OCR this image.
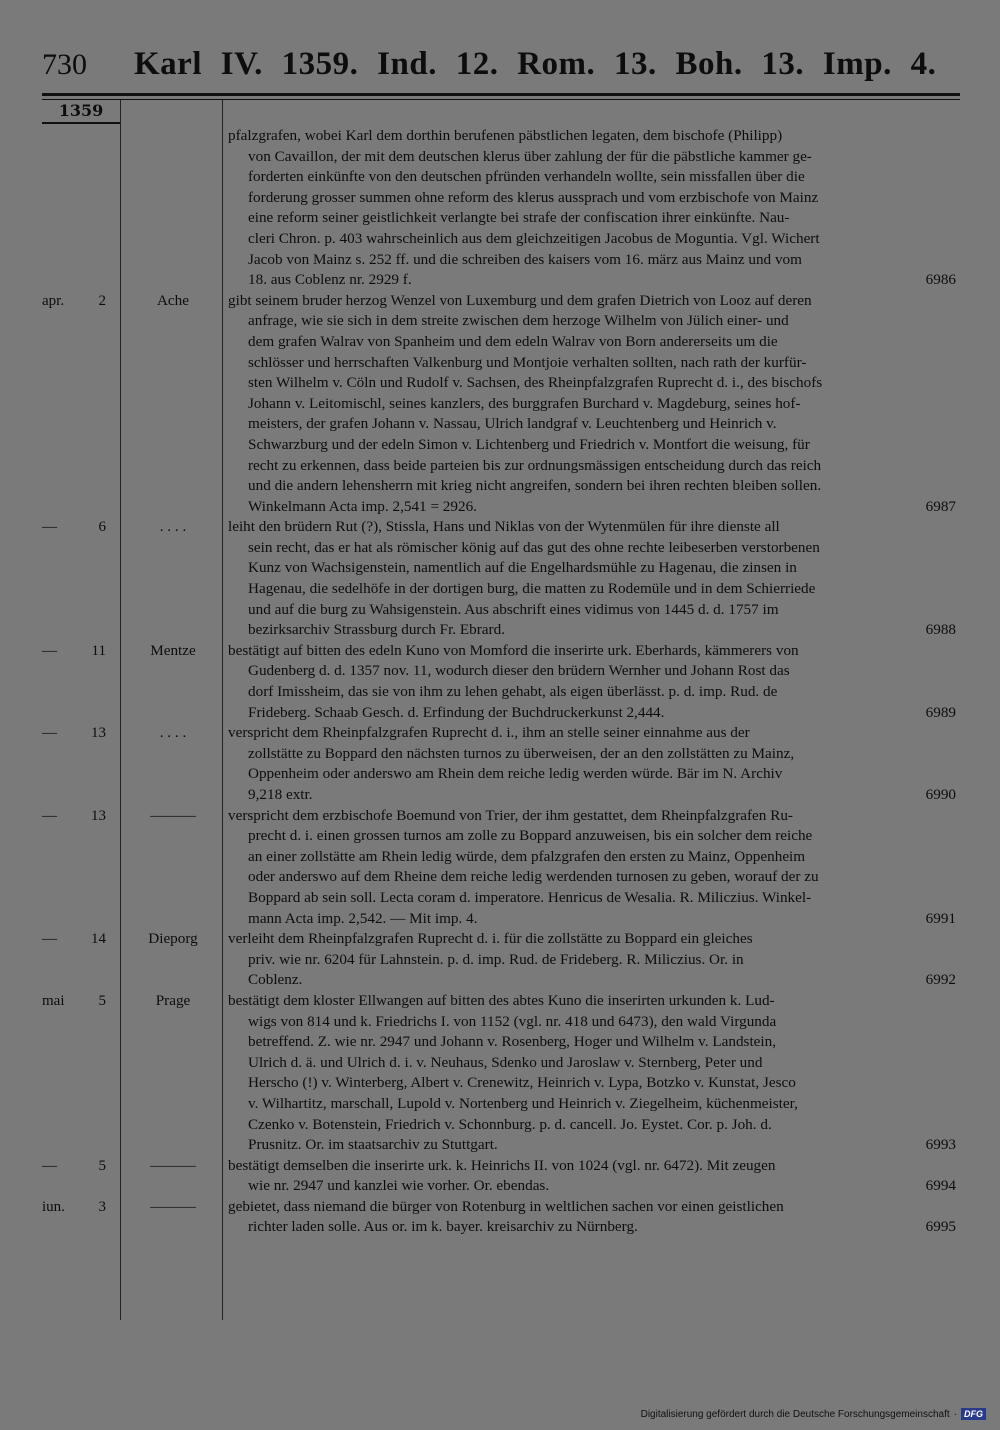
730 Karl IV. 1359. Ind. 12. Rom. 13. Boh. 13. Imp. 4.
1359
pfalzgrafen, wobei Karl dem dorthin berufenen päbstlichen legaten, dem bischofe (Philipp)
von Cavaillon, der mit dem deutschen klerus über zahlung der für die päbstliche kammer ge-
forderten einkünfte von den deutschen pfründen verhandeln wollte, sein missfallen über die
forderung grosser summen ohne reform des klerus aussprach und vom erzbischofe von Mainz
eine reform seiner geistlichkeit verlangte bei strafe der confiscation ihrer einkünfte. Nau-
cleri Chron. p. 403 wahrscheinlich aus dem gleichzeitigen Jacobus de Moguntia. Vgl. Wichert
Jacob von Mainz s. 252 ff. und die schreiben des kaisers vom 16. märz aus Mainz und vom
18. aus Coblenz nr. 2929 f.	6986
apr. 2	Ache	gibt seinem bruder herzog Wenzel von Luxemburg und dem grafen Dietrich von Looz auf deren
anfrage, wie sie sich in dem streite zwischen dem herzoge Wilhelm von Jülich einer- und
dem grafen Walrav von Spanheim und dem edeln Walrav von Born andererseits um die
schlösser und herrschaften Valkenburg und Montjoie verhalten sollten, nach rath der kurfür-
sten Wilhelm v. Cöln und Rudolf v. Sachsen, des Rheinpfalzgrafen Ruprecht d. i., des bischofs
Johann v. Leitomischl, seines kanzlers, des burggrafen Burchard v. Magdeburg, seines hof-
meisters, der grafen Johann v. Nassau, Ulrich landgraf v. Leuchtenberg und Heinrich v.
Schwarzburg und der edeln Simon v. Lichtenberg und Friedrich v. Montfort die weisung, für
recht zu erkennen, dass beide parteien bis zur ordnungsmässigen entscheidung durch das reich
und die andern lehensherrn mit krieg nicht angreifen, sondern bei ihren rechten bleiben sollen.
Winkelmann Acta imp. 2,541 = 2926.	6987
—	6	. . . .	leiht den brüdern Rut (?), Stissla, Hans und Niklas von der Wytenmülen für ihre dienste all
sein recht, das er hat als römischer könig auf das gut des ohne rechte leibeserben verstorbenen
Kunz von Wachsigenstein, namentlich auf die Engelhardsmühle zu Hagenau, die zinsen in
Hagenau, die sedelhöfe in der dortigen burg, die matten zu Rodemüle und in dem Schierriede
und auf die burg zu Wahsigenstein. Aus abschrift eines vidimus von 1445 d. d. 1757 im
bezirksarchiv Strassburg durch Fr. Ebrard.	6988
— 11	Mentze	bestätigt auf bitten des edeln Kuno von Momford die inserirte urk. Eberhards, kämmerers von
Gudenberg d. d. 1357 nov. 11, wodurch dieser den brüdern Wernher und Johann Rost das
dorf Imissheim, das sie von ihm zu lehen gehabt, als eigen überlässt. p. d. imp. Rud. de
Frideberg. Schaab Gesch. d. Erfindung der Buchdruckerkunst 2,444.	6989
— 13	. . . .	verspricht dem Rheinpfalzgrafen Ruprecht d. i., ihm an stelle seiner einnahme aus der
zollstätte zu Boppard den nächsten turnos zu überweisen, der an den zollstätten zu Mainz,
Oppenheim oder anderswo am Rhein dem reiche ledig werden würde. Bär im N. Archiv
9,218 extr.	6990
— 13	———	verspricht dem erzbischofe Boemund von Trier, der ihm gestattet, dem Rheinpfalzgrafen Ru-
precht d. i. einen grossen turnos am zolle zu Boppard anzuweisen, bis ein solcher dem reiche
an einer zollstätte am Rhein ledig würde, dem pfalzgrafen den ersten zu Mainz, Oppenheim
oder anderswo auf dem Rheine dem reiche ledig werdenden turnosen zu geben, worauf der zu
Boppard ab sein soll. Lecta coram d. imperatore. Henricus de Wesalia. R. Miliczius. Winkel-
mann Acta imp. 2,542. — Mit imp. 4.	6991
— 14	Dieporg	verleiht dem Rheinpfalzgrafen Ruprecht d. i. für die zollstätte zu Boppard ein gleiches
priv. wie nr. 6204 für Lahnstein. p. d. imp. Rud. de Frideberg. R. Miliczius. Or. in
Coblenz.	6992
mai 5	Prage	bestätigt dem kloster Ellwangen auf bitten des abtes Kuno die inserirten urkunden k. Lud-
wigs von 814 und k. Friedrichs I. von 1152 (vgl. nr. 418 und 6473), den wald Virgunda
betreffend. Z. wie nr. 2947 und Johann v. Rosenberg, Hoger und Wilhelm v. Landstein,
Ulrich d. ä. und Ulrich d. i. v. Neuhaus, Sdenko und Jaroslaw v. Sternberg, Peter und
Herscho (!) v. Winterberg, Albert v. Crenewitz, Heinrich v. Lypa, Botzko v. Kunstat, Jesco
v. Wilhartitz, marschall, Lupold v. Nortenberg und Heinrich v. Ziegelheim, küchenmeister,
Czenko v. Botenstein, Friedrich v. Schonnburg. p. d. cancell. Jo. Eystet. Cor. p. Joh. d.
Prusnitz. Or. im staatsarchiv zu Stuttgart.	6993
—	5	———	bestätigt demselben die inserirte urk. k. Heinrichs II. von 1024 (vgl. nr. 6472). Mit zeugen
wie nr. 2947 und kanzlei wie vorher. Or. ebendas.	6994
iun. 3	———	gebietet, dass niemand die bürger von Rotenburg in weltlichen sachen vor einen geistlichen
richter laden solle. Aus or. im k. bayer. kreisarchiv zu Nürnberg.	6995
Digitalisierung gefördert durch die Deutsche Forschungsgemeinschaft · DFG
